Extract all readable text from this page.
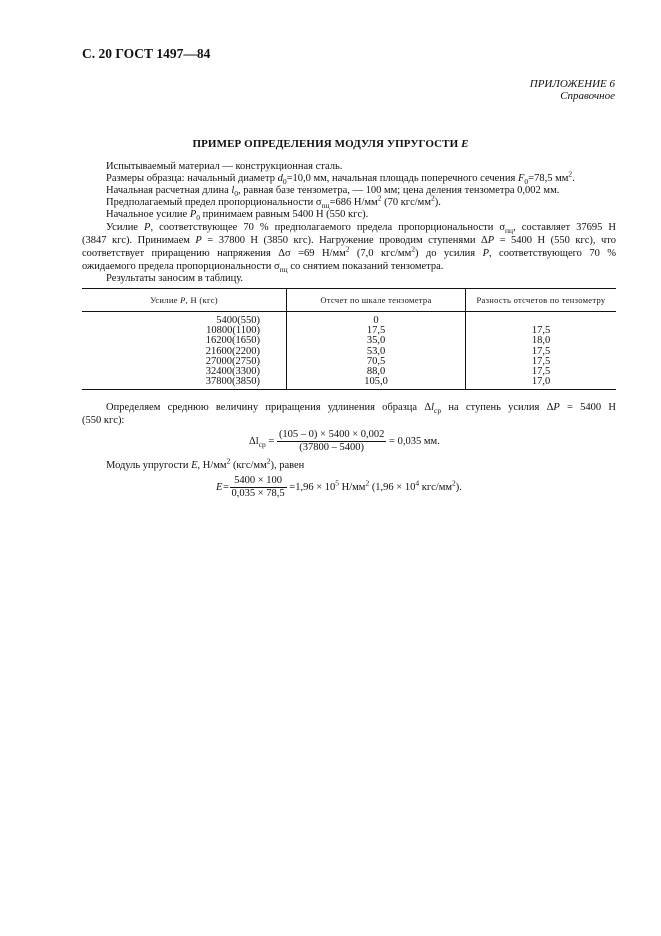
С. 20 ГОСТ 1497—84
ПРИЛОЖЕНИЕ 6
Справочное
ПРИМЕР ОПРЕДЕЛЕНИЯ МОДУЛЯ УПРУГОСТИ E
Испытываемый материал — конструкционная сталь.
Размеры образца: начальный диаметр $d_0=10,0$ мм, начальная площадь поперечного сечения $F_0=78,5$ $мм^2$.
Начальная расчетная длина $l_0$, равная базе тензометра, — 100 мм; цена деления тензометра 0,002 мм.
Предполагаемый предел пропорциональности $\sigma_{пц}=686$ $Н/мм^2$ (70 кгс/$мм^2$).
Начальное усилие $P_0$ принимаем равным 5400 Н (550 кгс).
Усилие P, соответствующее 70 % предполагаемого предела пропорциональности $\sigma_{пц}$, составляет 37695 Н
(3847 кгс). Принимаем P = 37800 Н (3850 кгс). Нагружение проводим ступенями ΔP = 5400 Н (550 кгс), что
соответствует приращению напряжения Δσ =69 $Н/мм^2$ (7,0 кгс/$мм^2$) до усилия P, соответствующего 70 %
ожидаемого предела пропорциональности $\sigma_{пц}$ со снятием показаний тензометра.
Результаты заносим в таблицу.
Усилие P, Н (кгс)	Отсчет по шкале тензометра	Разность отсчетов по тензометру
5400(550)	0	
10800(1100)	17,5	17,5
16200(1650)	35,0	18,0
21600(2200)	53,0	17,5
27000(2750)	70,5	17,5
32400(3300)	88,0	17,5
37800(3850)	105,0	17,0
Определяем среднюю величину приращения удлинения образца $\Delta l_{ср}$ на ступень усилия ΔP = 5400 Н
(550 кгс):
$\Delta l_{ср} = \frac{(105 - 0) \times 5400 \times 0,002}{(37800 - 5400)} = 0,035$ мм.
Модуль упругости E, $Н/мм^2$ $(кгс/мм^2)$, равен
$E= \frac{5400 \times 100}{0,035 \times 78,5} =1,96 \times 10^5$ $Н/мм^2$ ($1,96 \times 10^4$ кгс/$мм^2$).
